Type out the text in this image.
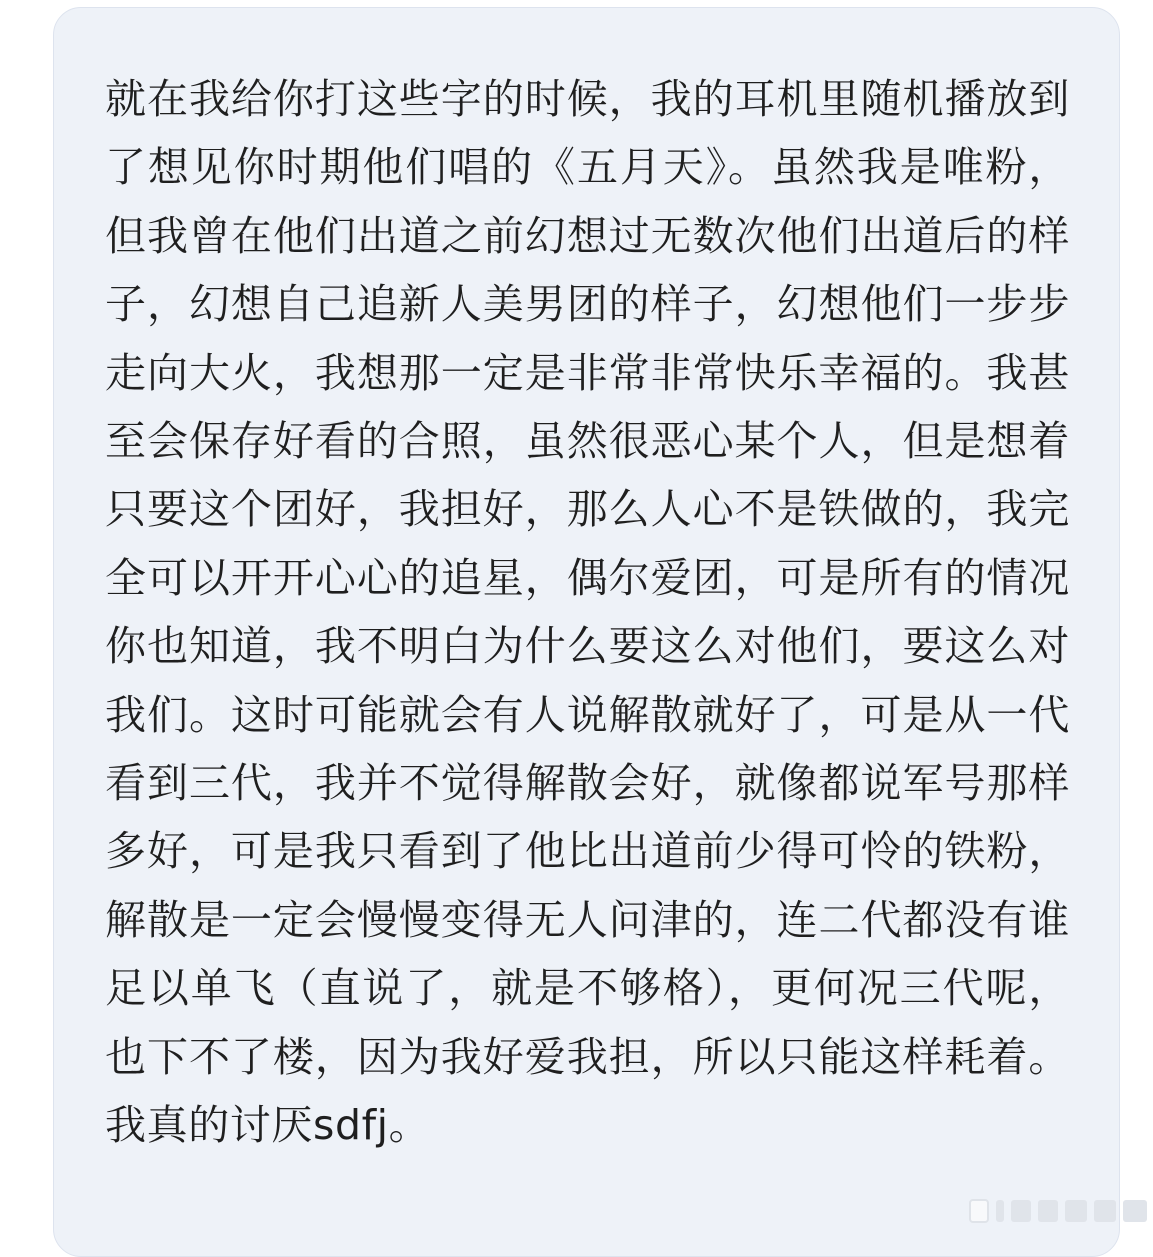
就在我给你打这些字的时候，我的耳机里随机播放到了想见你时期他们唱的《五月天》。虽然我是唯粉，但我曾在他们出道之前幻想过无数次他们出道后的样子，幻想自己追新人美男团的样子，幻想他们一步步走向大火，我想那一定是非常非常快乐幸福的。我甚至会保存好看的合照，虽然很恶心某个人，但是想着只要这个团好，我担好，那么人心不是铁做的，我完全可以开开心心的追星，偶尔爱团，可是所有的情况你也知道，我不明白为什么要这么对他们，要这么对我们。这时可能就会有人说解散就好了，可是从一代看到三代，我并不觉得解散会好，就像都说军号那样多好，可是我只看到了他比出道前少得可怜的铁粉，解散是一定会慢慢变得无人问津的，连二代都没有谁足以单飞（直说了，就是不够格），更何况三代呢，也下不了楼，因为我好爱我担，所以只能这样耗着。我真的讨厌sdfj。
